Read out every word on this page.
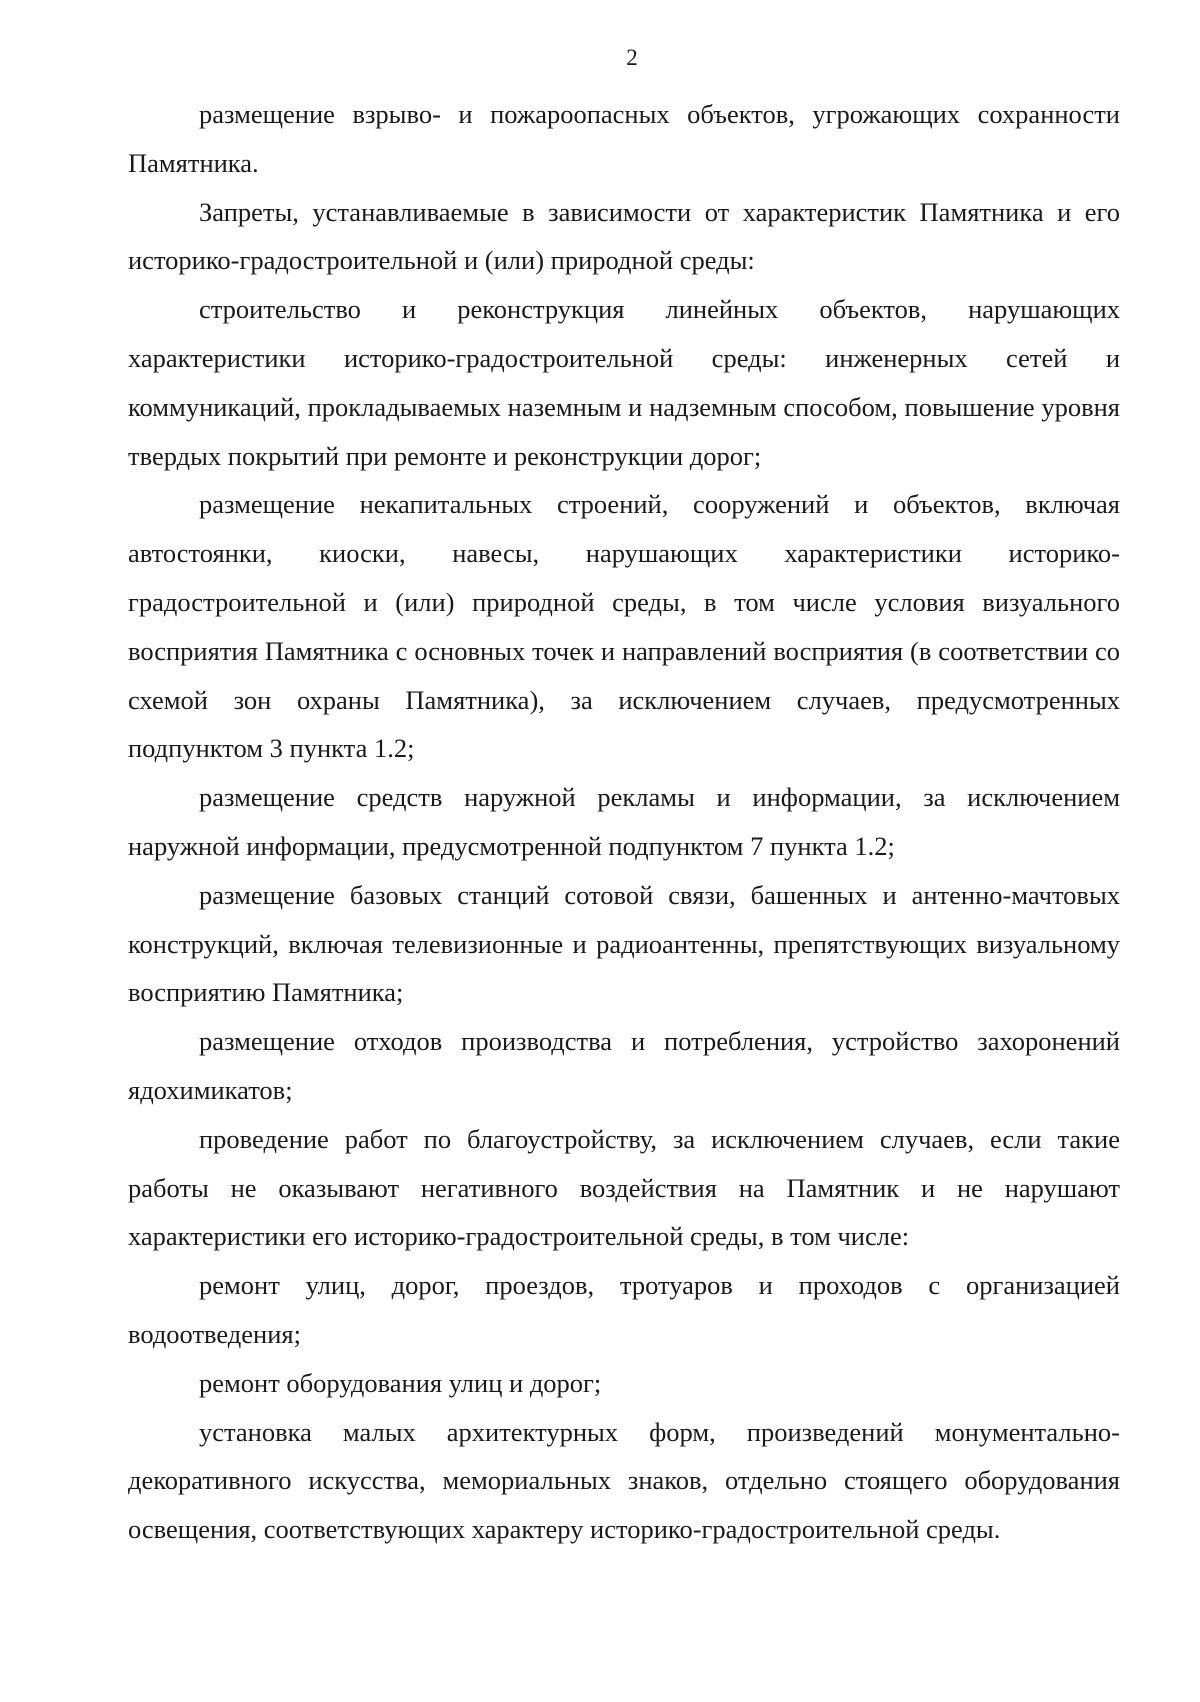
2

размещение взрыво- и пожароопасных объектов, угрожающих сохранности Памятника.

Запреты, устанавливаемые в зависимости от характеристик Памятника и его историко-градостроительной и (или) природной среды:

строительство и реконструкция линейных объектов, нарушающих характеристики историко-градостроительной среды: инженерных сетей и коммуникаций, прокладываемых наземным и надземным способом, повышение уровня твердых покрытий при ремонте и реконструкции дорог;

размещение некапитальных строений, сооружений и объектов, включая автостоянки, киоски, навесы, нарушающих характеристики историко-градостроительной и (или) природной среды, в том числе условия визуального восприятия Памятника с основных точек и направлений восприятия (в соответствии со схемой зон охраны Памятника), за исключением случаев, предусмотренных подпунктом 3 пункта 1.2;

размещение средств наружной рекламы и информации, за исключением наружной информации, предусмотренной подпунктом 7 пункта 1.2;

размещение базовых станций сотовой связи, башенных и антенно-мачтовых конструкций, включая телевизионные и радиоантенны, препятствующих визуальному восприятию Памятника;

размещение отходов производства и потребления, устройство захоронений ядохимикатов;

проведение работ по благоустройству, за исключением случаев, если такие работы не оказывают негативного воздействия на Памятник и не нарушают характеристики его историко-градостроительной среды, в том числе:

ремонт улиц, дорог, проездов, тротуаров и проходов с организацией водоотведения;

ремонт оборудования улиц и дорог;

установка малых архитектурных форм, произведений монументально-декоративного искусства, мемориальных знаков, отдельно стоящего оборудования освещения, соответствующих характеру историко-градостроительной среды.
